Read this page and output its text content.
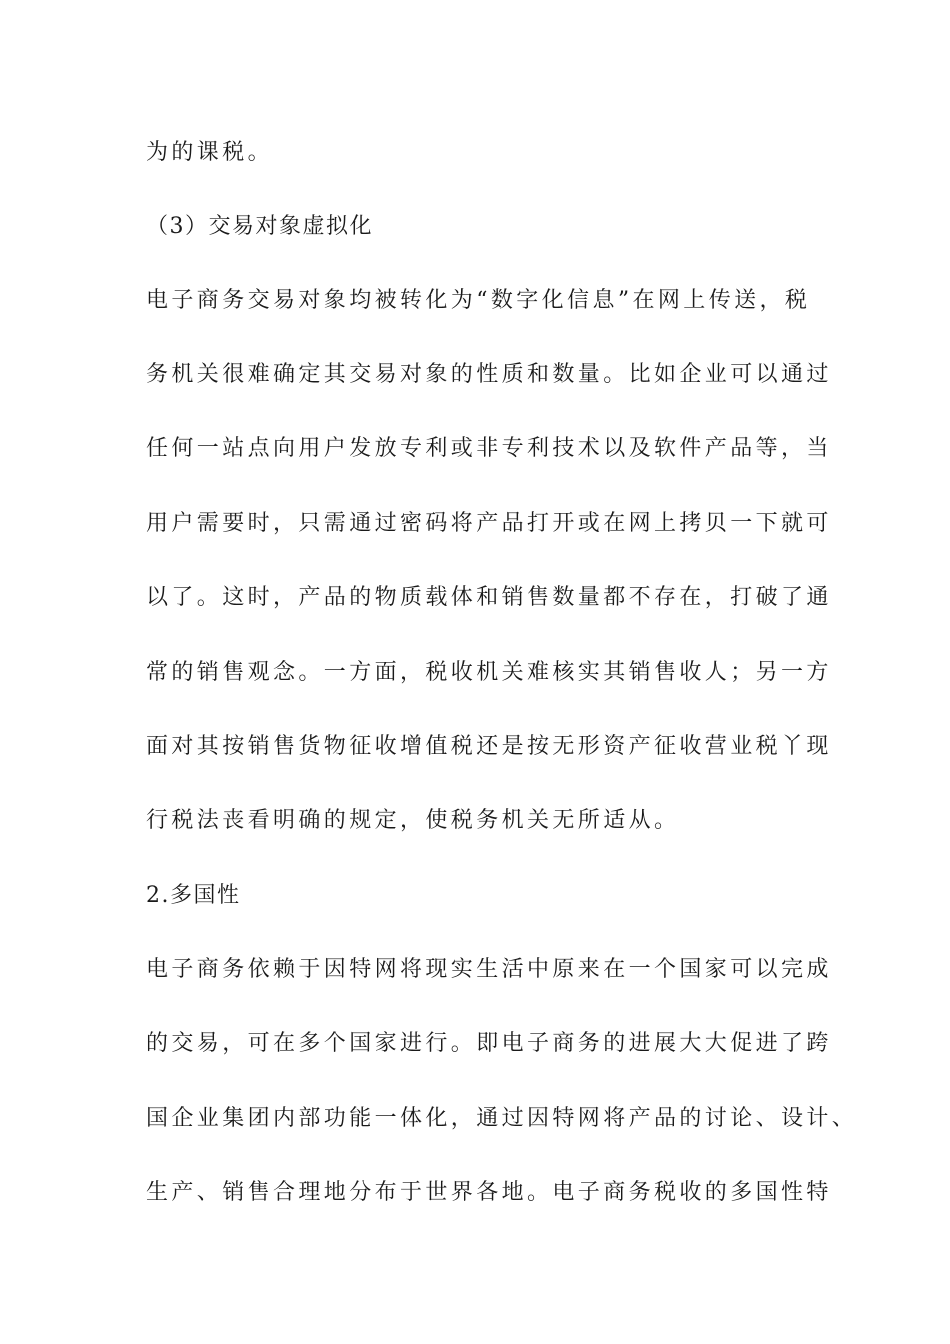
为的课税。
（3）交易对象虚拟化
电子商务交易对象均被转化为“数字化信息”在网上传送，税
务机关很难确定其交易对象的性质和数量。比如企业可以通过
任何一站点向用户发放专利或非专利技术以及软件产品等，当
用户需要时，只需通过密码将产品打开或在网上拷贝一下就可
以了。这时，产品的物质载体和销售数量都不存在，打破了通
常的销售观念。一方面，税收机关难核实其销售收人；另一方
面对其按销售货物征收增值税还是按无形资产征收营业税丫现
行税法丧看明确的规定，使税务机关无所适从。
2.多国性
电子商务依赖于因特网将现实生活中原来在一个国家可以完成
的交易，可在多个国家进行。即电子商务的进展大大促进了跨
国企业集团内部功能一体化，通过因特网将产品的讨论、设计、
生产、销售合理地分布于世界各地。电子商务税收的多国性特
